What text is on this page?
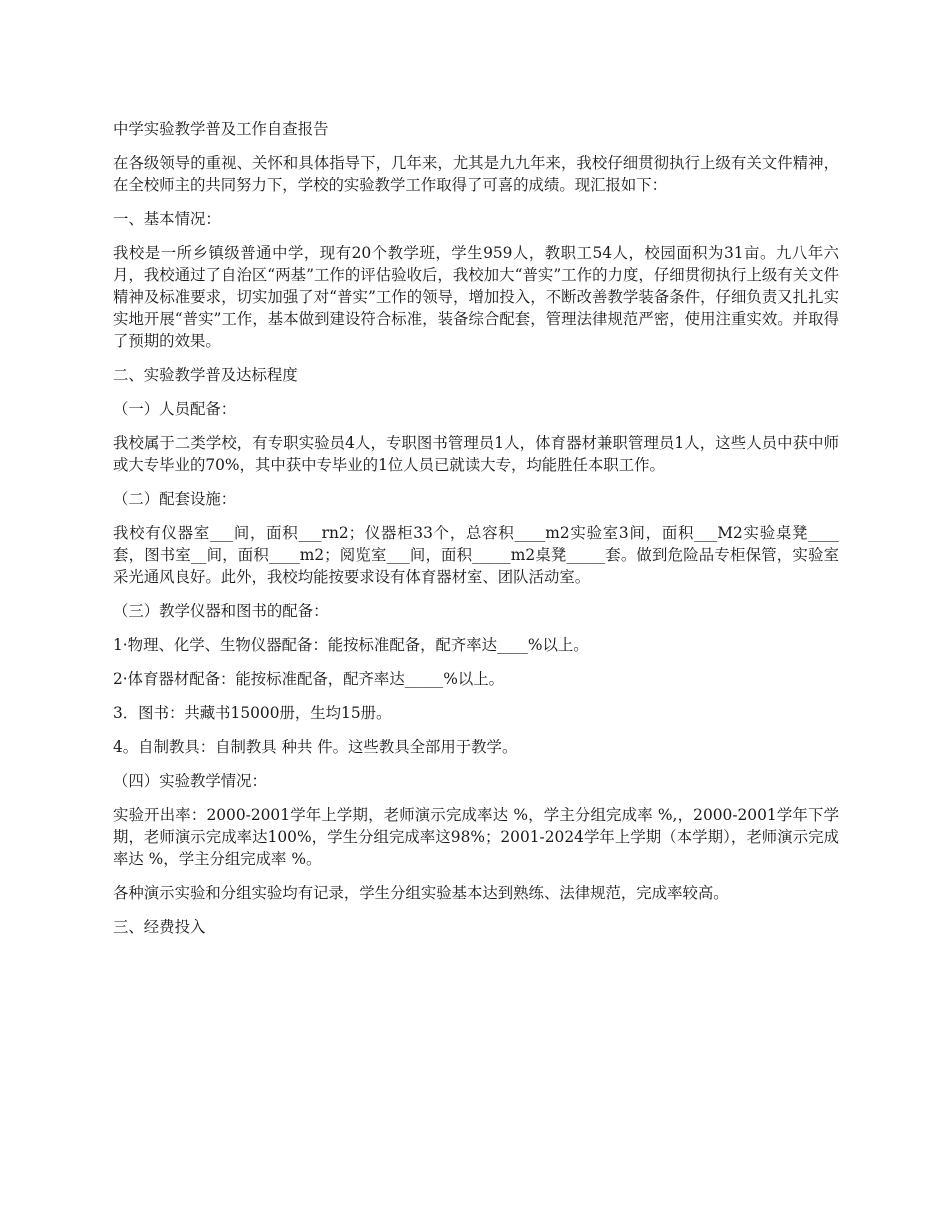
中学实验教学普及工作自查报告

在各级领导的重视、关怀和具体指导下，几年来，尤其是九九年来，我校仔细贯彻执行上级有关文件精神，在全校师主的共同努力下，学校的实验教学工作取得了可喜的成绩。现汇报如下：

一、基本情况：

我校是一所乡镇级普通中学，现有20个教学班，学生959人，教职工54人，校园面积为31亩。九八年六月，我校通过了自治区“两基”工作的评估验收后，我校加大“普实”工作的力度，仔细贯彻执行上级有关文件精神及标准要求，切实加强了对“普实”工作的领导，增加投入，不断改善教学装备条件，仔细负责又扎扎实实地开展“普实”工作，基本做到建设符合标准，装备综合配套，管理法律规范严密，使用注重实效。并取得了预期的效果。

二、实验教学普及达标程度

（一）人员配备：

我校属于二类学校，有专职实验员4人，专职图书管理员1人，体育器材兼职管理员1人，这些人员中获中师或大专毕业的70%，其中获中专毕业的1位人员已就读大专，均能胜任本职工作。

（二）配套设施：

我校有仪器室___间，面积___rn2；仪器柜33个，总容积____m2实验室3间，面积___M2实验桌凳____套，图书室__间，面积____m2；阅览室___间，面积_____m2桌凳_____套。做到危险品专柜保管，实验室采光通风良好。此外，我校均能按要求设有体育器材室、团队活动室。

（三）教学仪器和图书的配备：

1·物理、化学、生物仪器配备：能按标准配备，配齐率达____%以上。

2·体育器材配备：能按标准配备，配齐率达_____%以上。

3．图书：共藏书15000册，生均15册。

4。自制教具：自制教具 种共 件。这些教具全部用于教学。

（四）实验教学情况：

实验开出率：2000-2001学年上学期，老师演示完成率达 %，学主分组完成率 %,，2000-2001学年下学期，老师演示完成率达100%，学生分组完成率这98%；2001-2024学年上学期（本学期），老师演示完成率达 %，学主分组完成率 %。

各种演示实验和分组实验均有记录，学生分组实验基本达到熟练、法律规范，完成率较高。

三、经费投入
